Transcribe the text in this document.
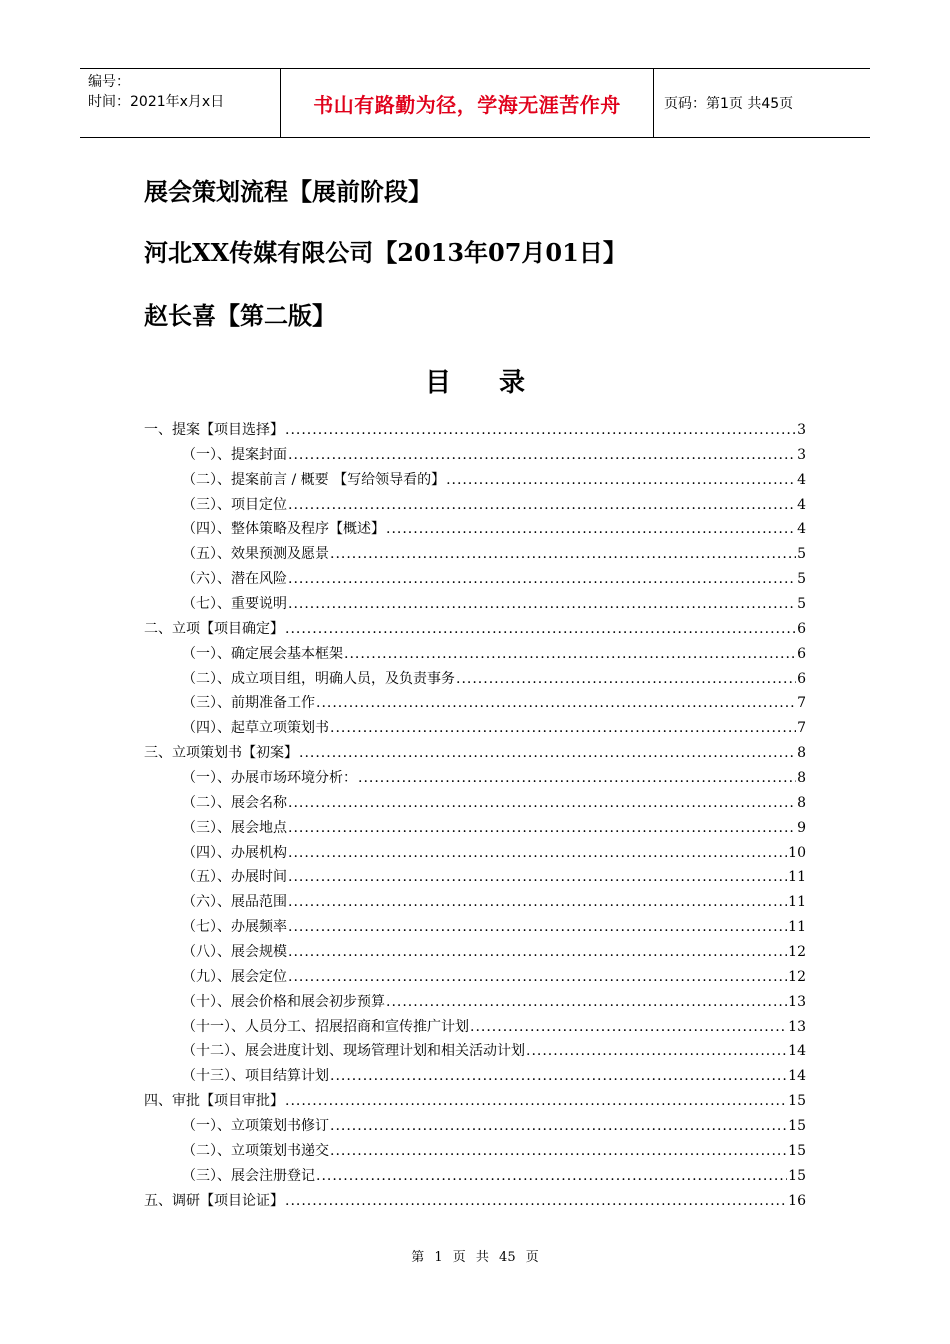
编号：
时间：2021年x月x日	书山有路勤为径，学海无涯苦作舟	页码：第1页 共45页
展会策划流程【展前阶段】
河北XX传媒有限公司【2013年07月01日】
赵长喜【第二版】
目录
一、提案【项目选择】 .....	3
（一）、提案封面 .....	3
（二）、提案前言 / 概要 【写给领导看的】 .....	4
（三）、项目定位 .....	4
（四）、整体策略及程序【概述】 .....	4
（五）、效果预测及愿景 .....	5
（六）、潜在风险 .....	5
（七）、重要说明 .....	5
二、立项【项目确定】 .....	6
（一）、确定展会基本框架 .....	6
（二）、成立项目组，明确人员，及负责事务 .....	6
（三）、前期准备工作 .....	7
（四）、起草立项策划书 .....	7
三、立项策划书【初案】 .....	8
（一）、办展市场环境分析： .....	8
（二）、展会名称 .....	8
（三）、展会地点 .....	9
（四）、办展机构 .....	10
（五）、办展时间 .....	11
（六）、展品范围 .....	11
（七）、办展频率 .....	11
（八）、展会规模 .....	12
（九）、展会定位 .....	12
（十）、展会价格和展会初步预算 .....	13
（十一）、人员分工、招展招商和宣传推广计划 .....	13
（十二）、展会进度计划、现场管理计划和相关活动计划 .....	14
（十三）、项目结算计划 .....	14
四、审批【项目审批】 .....	15
（一）、立项策划书修订 .....	15
（二）、立项策划书递交 .....	15
（三）、展会注册登记 .....	15
五、调研【项目论证】 .....	16
第 1 页 共 45 页
